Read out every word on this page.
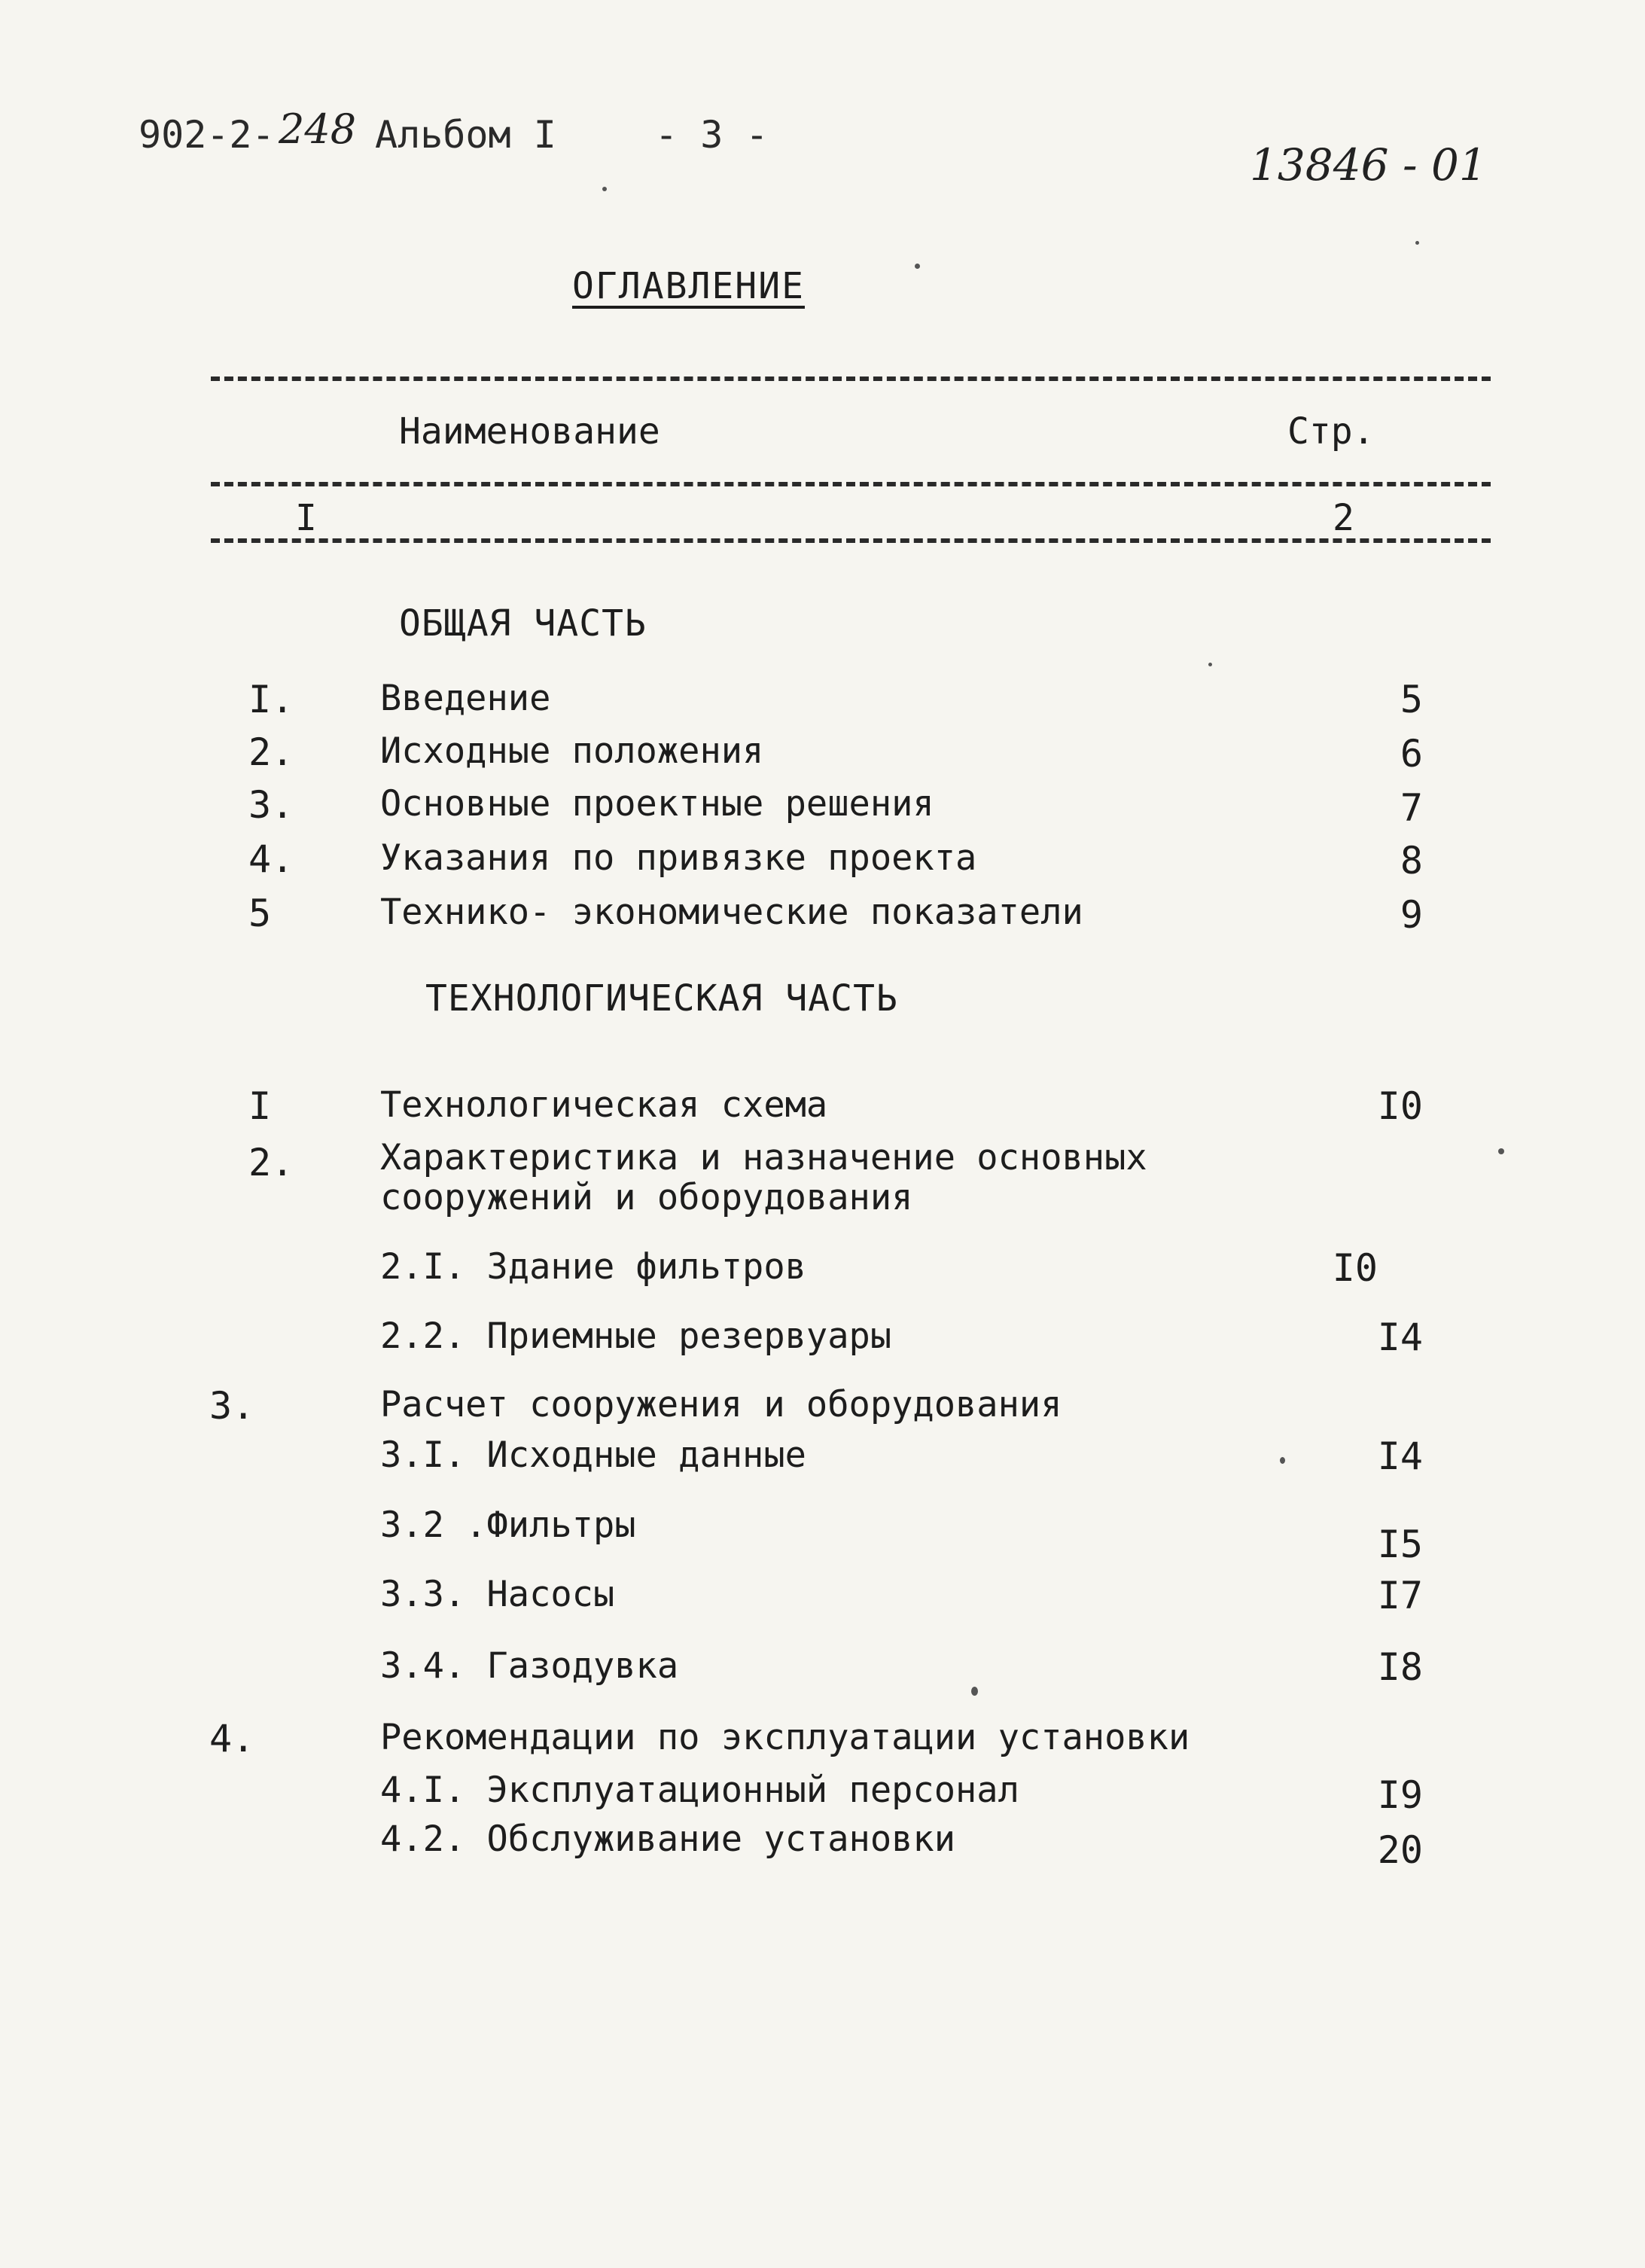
902-2- 248 Альбом I	- 3 -
13846 - 01
ОГЛАВЛЕНИЕ
Наименование	Стр.
I	2
ОБЩАЯ ЧАСТЬ
I. Введение	5
2. Исходные положения	6
3. Основные проектные решения	7
4. Указания по привязке проекта	8
5	Технико- экономические показатели	9
ТЕХНОЛОГИЧЕСКАЯ ЧАСТЬ
I	Технологическая схема	I0
2. Характеристика и назначение основных
сооружений и оборудования
2.I. Здание фильтров	I0
2.2. Приемные резервуары	I4
3.	Расчет сооружения и оборудования
3.I. Исходные данные	I4
3.2 .Фильтры	I5
3.3. Насосы	I7
3.4. Газодувка	I8
4.	Рекомендации по эксплуатации установки
4.I. Эксплуатационный персонал	I9
4.2. Обслуживание установки	20
